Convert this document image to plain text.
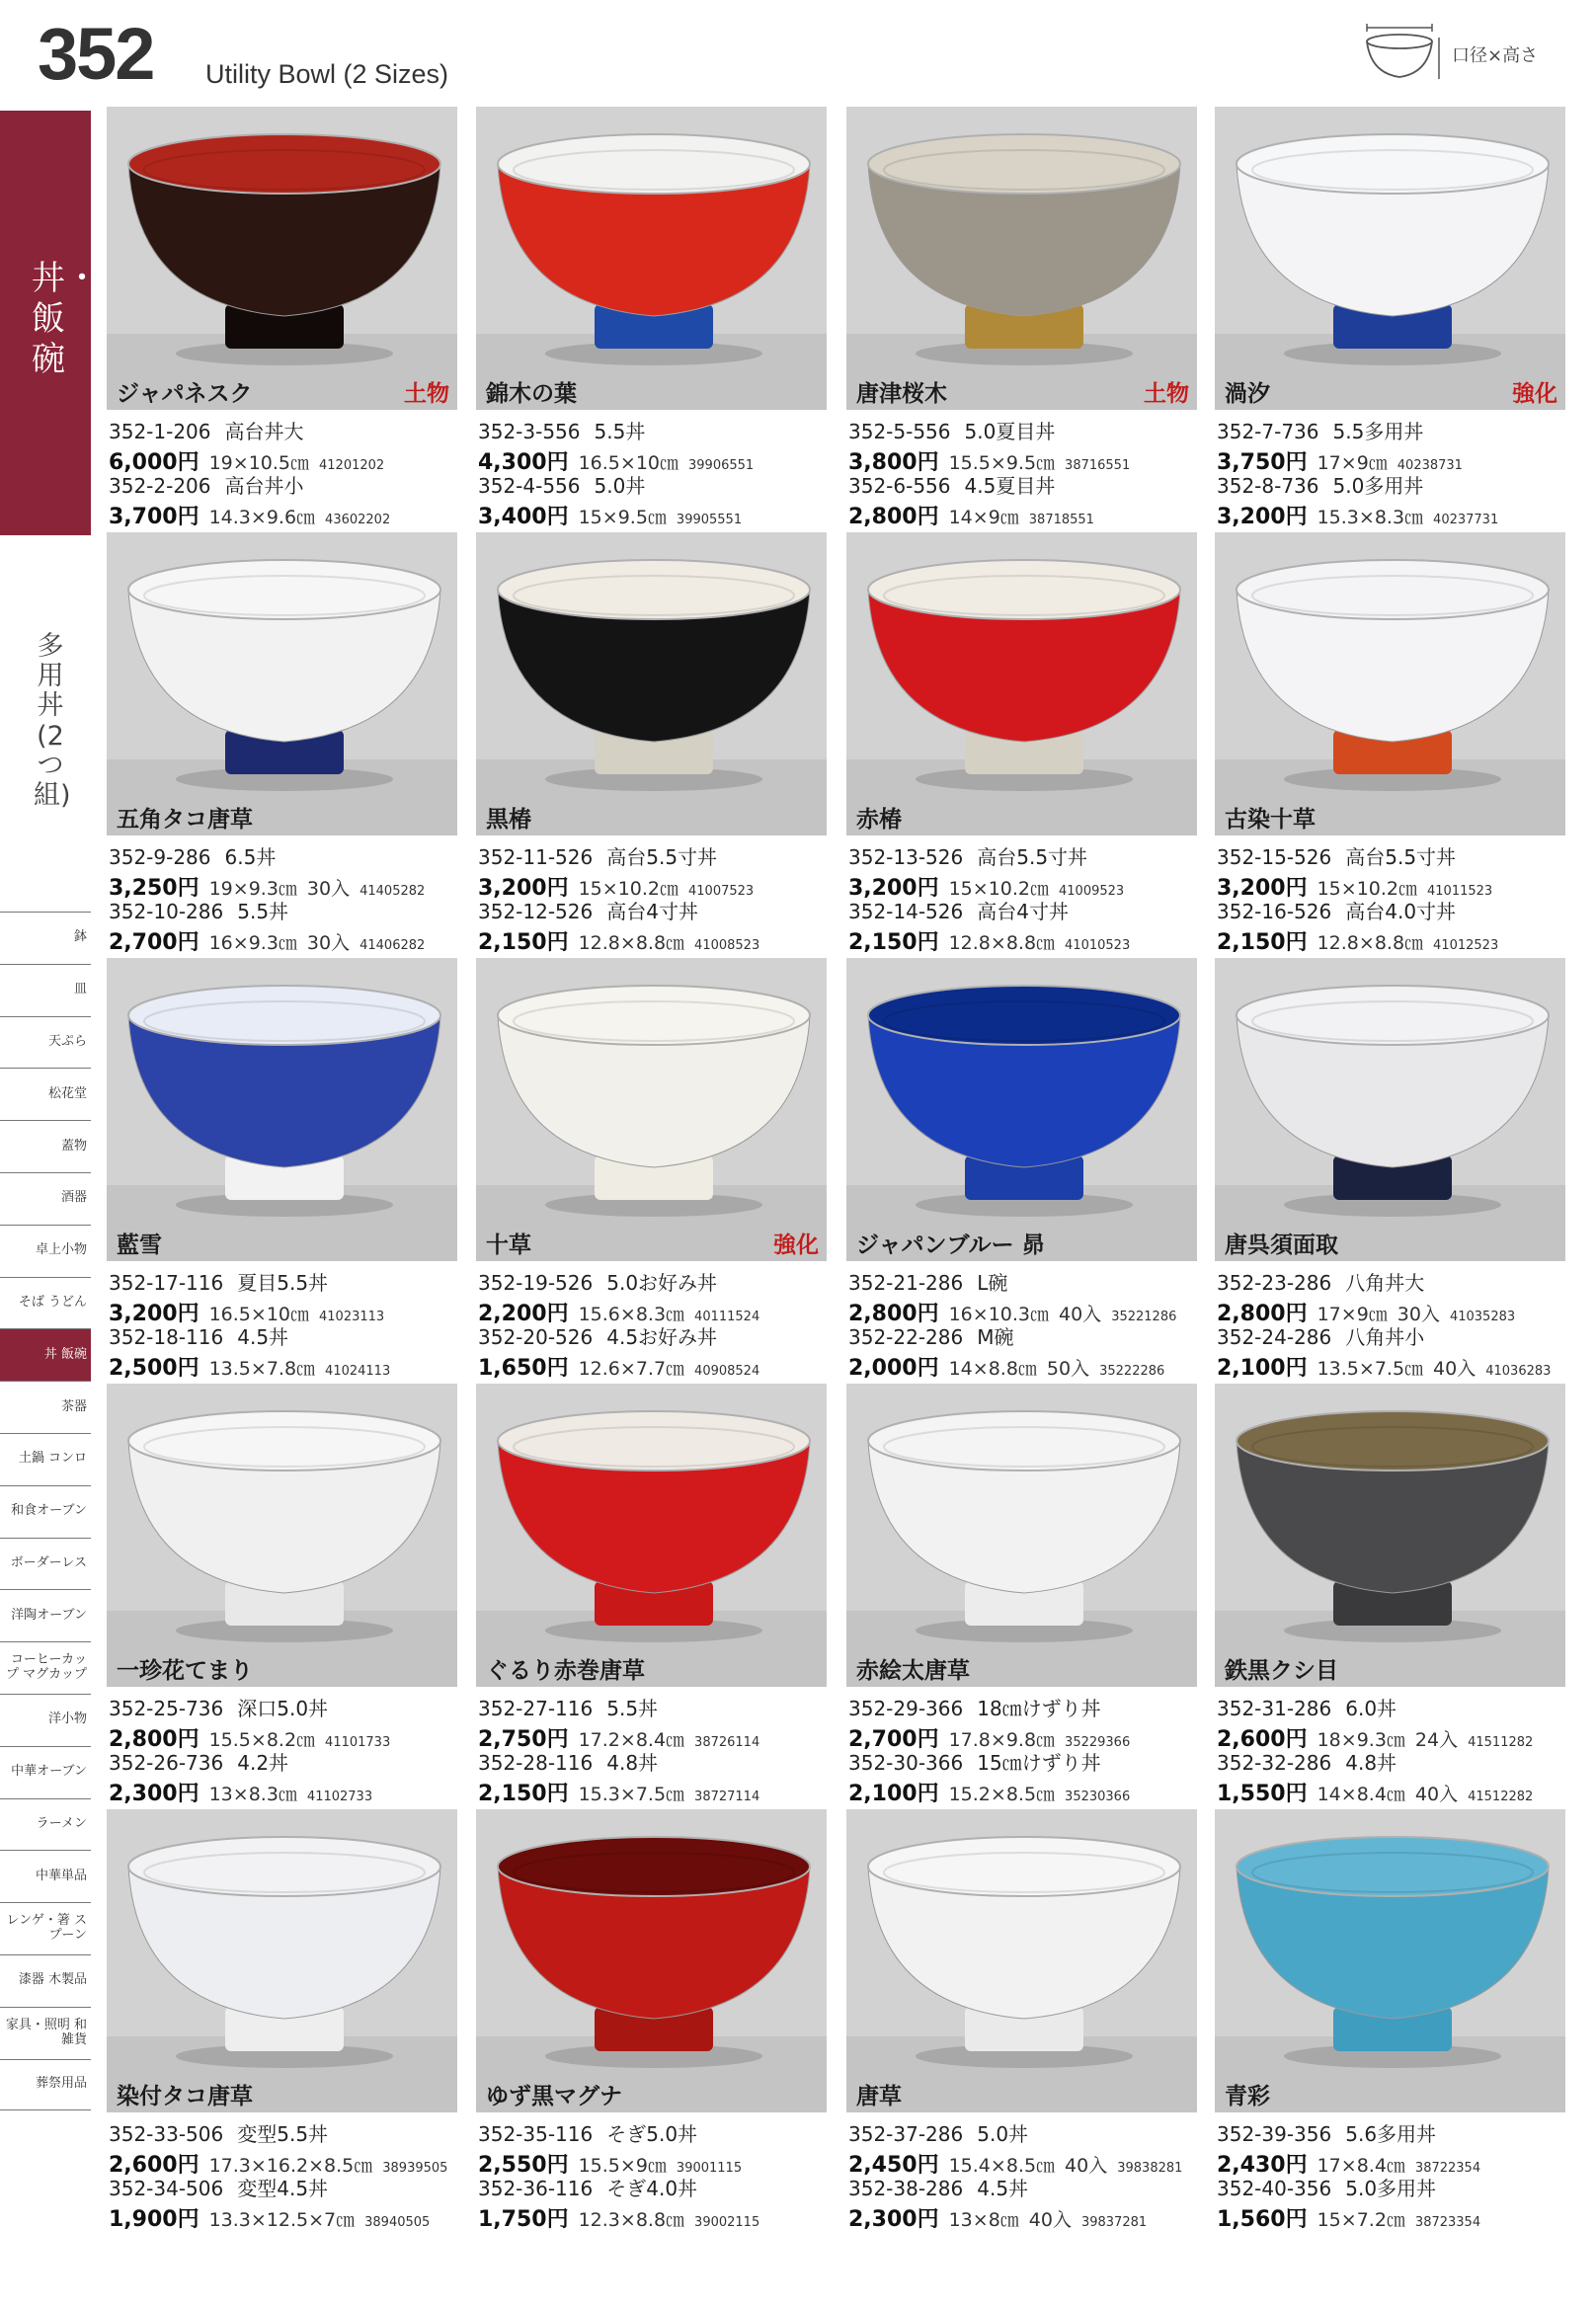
352 Utility Bowl (2 Sizes)
口径×高さ
丼・飯碗
多用丼(2つ組)
鉢
皿
天ぷら
松花堂
蓋物
酒器
卓上小物
そば うどん
丼 飯碗
茶器
土鍋 コンロ
和食オーブン
ボーダーレス
洋陶オーブン
コーヒーカップ マグカップ
洋小物
中華オーブン
ラーメン
中華単品
レンゲ・箸 スプーン
漆器 木製品
家具・照明 和雑貨
葬祭用品
ジャパネスク	土物
352-1-206 高台丼大
6,000円 19×10.5㎝ 41201202
352-2-206 高台丼小
3,700円 14.3×9.6㎝ 43602202
錦木の葉
352-3-556 5.5丼
4,300円 16.5×10㎝ 39906551
352-4-556 5.0丼
3,400円 15×9.5㎝ 39905551
唐津桜木	土物
352-5-556 5.0夏目丼
3,800円 15.5×9.5㎝ 38716551
352-6-556 4.5夏目丼
2,800円 14×9㎝ 38718551
渦汐	強化
352-7-736 5.5多用丼
3,750円 17×9㎝ 40238731
352-8-736 5.0多用丼
3,200円 15.3×8.3㎝ 40237731
五角タコ唐草
352-9-286 6.5丼
3,250円 19×9.3㎝ 30入 41405282
352-10-286 5.5丼
2,700円 16×9.3㎝ 30入 41406282
黒椿
352-11-526 高台5.5寸丼
3,200円 15×10.2㎝ 41007523
352-12-526 高台4寸丼
2,150円 12.8×8.8㎝ 41008523
赤椿
352-13-526 高台5.5寸丼
3,200円 15×10.2㎝ 41009523
352-14-526 高台4寸丼
2,150円 12.8×8.8㎝ 41010523
古染十草
352-15-526 高台5.5寸丼
3,200円 15×10.2㎝ 41011523
352-16-526 高台4.0寸丼
2,150円 12.8×8.8㎝ 41012523
藍雪
352-17-116 夏目5.5丼
3,200円 16.5×10㎝ 41023113
352-18-116 4.5丼
2,500円 13.5×7.8㎝ 41024113
十草	強化
352-19-526 5.0お好み丼
2,200円 15.6×8.3㎝ 40111524
352-20-526 4.5お好み丼
1,650円 12.6×7.7㎝ 40908524
ジャパンブルー 昴
352-21-286 L碗
2,800円 16×10.3㎝ 40入 35221286
352-22-286 M碗
2,000円 14×8.8㎝ 50入 35222286
唐呉須面取
352-23-286 八角丼大
2,800円 17×9㎝ 30入 41035283
352-24-286 八角丼小
2,100円 13.5×7.5㎝ 40入 41036283
一珍花てまり
352-25-736 深口5.0丼
2,800円 15.5×8.2㎝ 41101733
352-26-736 4.2丼
2,300円 13×8.3㎝ 41102733
ぐるり赤巻唐草
352-27-116 5.5丼
2,750円 17.2×8.4㎝ 38726114
352-28-116 4.8丼
2,150円 15.3×7.5㎝ 38727114
赤絵太唐草
352-29-366 18㎝けずり丼
2,700円 17.8×9.8㎝ 35229366
352-30-366 15㎝けずり丼
2,100円 15.2×8.5㎝ 35230366
鉄黒クシ目
352-31-286 6.0丼
2,600円 18×9.3㎝ 24入 41511282
352-32-286 4.8丼
1,550円 14×8.4㎝ 40入 41512282
染付タコ唐草
352-33-506 変型5.5丼
2,600円 17.3×16.2×8.5㎝ 38939505
352-34-506 変型4.5丼
1,900円 13.3×12.5×7㎝ 38940505
ゆず黒マグナ
352-35-116 そぎ5.0丼
2,550円 15.5×9㎝ 39001115
352-36-116 そぎ4.0丼
1,750円 12.3×8.8㎝ 39002115
唐草
352-37-286 5.0丼
2,450円 15.4×8.5㎝ 40入 39838281
352-38-286 4.5丼
2,300円 13×8㎝ 40入 39837281
青彩
352-39-356 5.6多用丼
2,430円 17×8.4㎝ 38722354
352-40-356 5.0多用丼
1,560円 15×7.2㎝ 38723354
